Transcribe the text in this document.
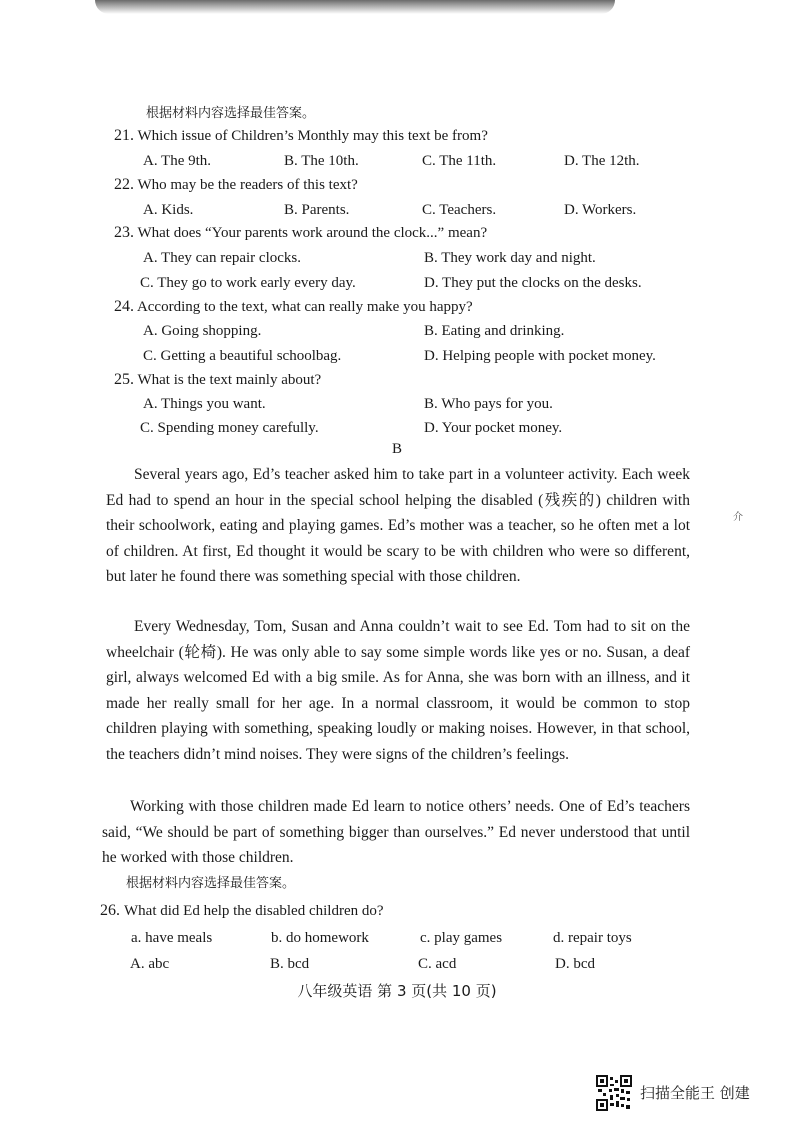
根据材料内容选择最佳答案。
21. Which issue of Children’s Monthly may this text be from?
A. The 9th.	B. The 10th.	C. The 11th.	D. The 12th.
22. Who may be the readers of this text?
A. Kids.	B. Parents.	C. Teachers.	D. Workers.
23. What does “Your parents work around the clock...” mean?
A. They can repair clocks.	B. They work day and night.
C. They go to work early every day.	D. They put the clocks on the desks.
24. According to the text, what can really make you happy?
A. Going shopping.	B. Eating and drinking.
C. Getting a beautiful schoolbag.	D. Helping people with pocket money.
25. What is the text mainly about?
A. Things you want.	B. Who pays for you.
C. Spending money carefully.	D. Your pocket money.
B
Several years ago, Ed’s teacher asked him to take part in a volunteer activity. Each week Ed had to spend an hour in the special school helping the disabled (残疾的) children with their schoolwork, eating and playing games. Ed’s mother was a teacher, so he often met a lot of children. At first, Ed thought it would be scary to be with children who were so different, but later he found there was something special with those children.
Every Wednesday, Tom, Susan and Anna couldn’t wait to see Ed. Tom had to sit on the wheelchair (轮椅). He was only able to say some simple words like yes or no. Susan, a deaf girl, always welcomed Ed with a big smile. As for Anna, she was born with an illness, and it made her really small for her age. In a normal classroom, it would be common to stop children playing with something, speaking loudly or making noises. However, in that school, the teachers didn’t mind noises. They were signs of the children’s feelings.
Working with those children made Ed learn to notice others’ needs. One of Ed’s teachers said, “We should be part of something bigger than ourselves.” Ed never understood that until he worked with those children.
根据材料内容选择最佳答案。
26. What did Ed help the disabled children do?
a. have meals	b. do homework	c. play games	d. repair toys
A. abc	B. bcd	C. acd	D. bcd
八年级英语 第 3 页(共 10 页)
介
扫描全能王 创建
